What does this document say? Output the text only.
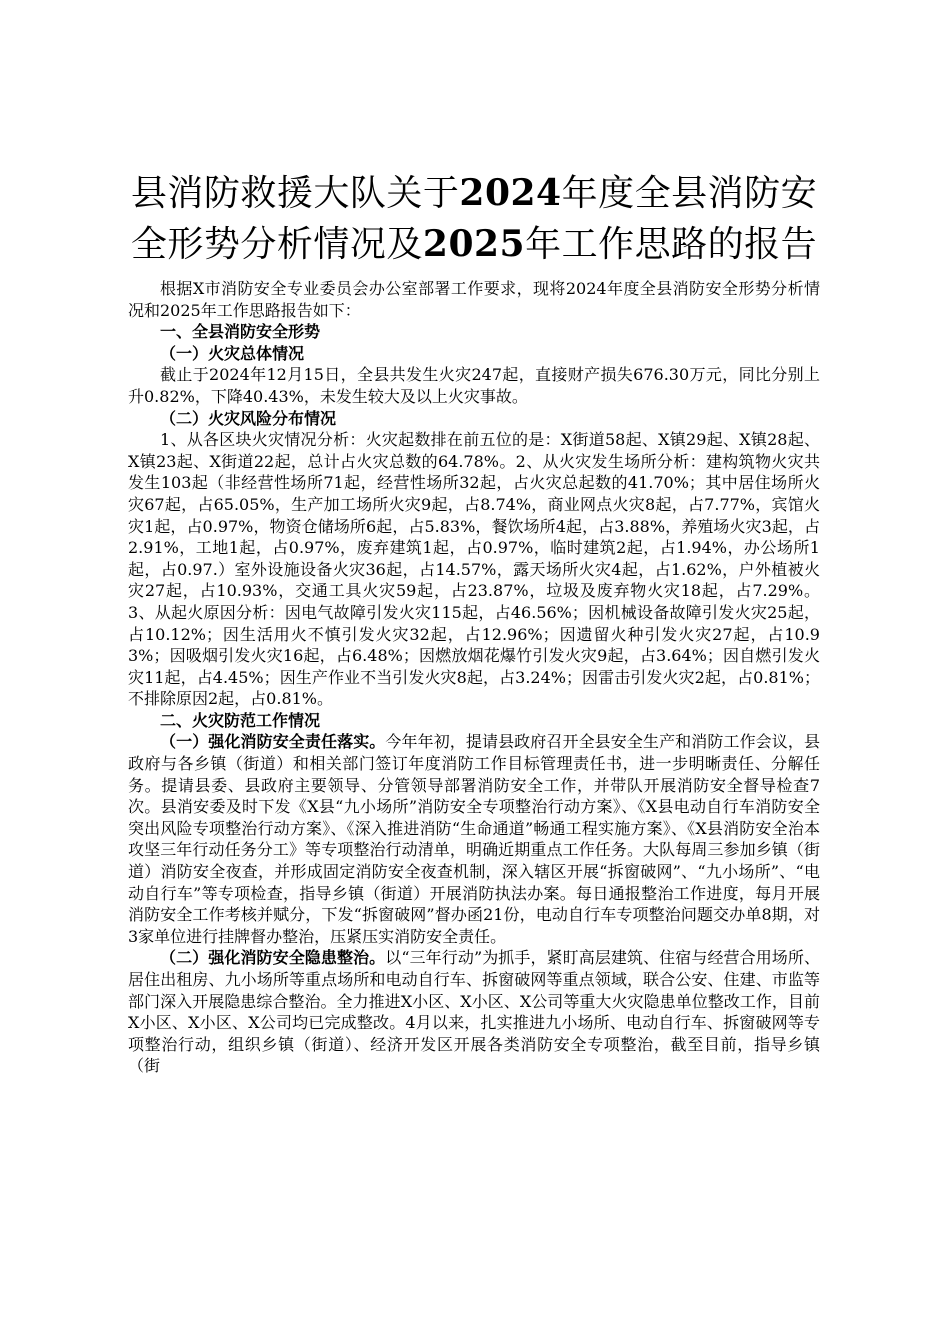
县消防救援大队关于2024年度全县消防安全形势分析情况及2025年工作思路的报告

根据X市消防安全专业委员会办公室部署工作要求，现将2024年度全县消防安全形势分析情况和2025年工作思路报告如下：

一、全县消防安全形势

（一）火灾总体情况

截止于2024年12月15日，全县共发生火灾247起，直接财产损失676.30万元，同比分别上升0.82%，下降40.43%，未发生较大及以上火灾事故。

（二）火灾风险分布情况

1、从各区块火灾情况分析：火灾起数排在前五位的是：X街道58起、X镇29起、X镇28起、X镇23起、X街道22起，总计占火灾总数的64.78%。2、从火灾发生场所分析：建构筑物火灾共发生103起（非经营性场所71起，经营性场所32起，占火灾总起数的41.70%；其中居住场所火灾67起，占65.05%，生产加工场所火灾9起，占8.74%，商业网点火灾8起，占7.77%，宾馆火灾1起，占0.97%，物资仓储场所6起，占5.83%，餐饮场所4起，占3.88%，养殖场火灾3起，占2.91%，工地1起，占0.97%，废弃建筑1起，占0.97%，临时建筑2起，占1.94%，办公场所1起，占0.97.）室外设施设备火灾36起，占14.57%，露天场所火灾4起，占1.62%，户外植被火灾27起，占10.93%，交通工具火灾59起，占23.87%，垃圾及废弃物火灾18起，占7.29%。3、从起火原因分析：因电气故障引发火灾115起，占46.56%；因机械设备故障引发火灾25起，占10.12%；因生活用火不慎引发火灾32起，占12.96%；因遗留火种引发火灾27起，占10.93%；因吸烟引发火灾16起，占6.48%；因燃放烟花爆竹引发火灾9起，占3.64%；因自燃引发火灾11起，占4.45%；因生产作业不当引发火灾8起，占3.24%；因雷击引发火灾2起，占0.81%；不排除原因2起，占0.81%。

二、火灾防范工作情况

（一）强化消防安全责任落实。今年年初，提请县政府召开全县安全生产和消防工作会议，县政府与各乡镇（街道）和相关部门签订年度消防工作目标管理责任书，进一步明晰责任、分解任务。提请县委、县政府主要领导、分管领导部署消防安全工作，并带队开展消防安全督导检查7次。县消安委及时下发《X县“九小场所”消防安全专项整治行动方案》、《X县电动自行车消防安全突出风险专项整治行动方案》、《深入推进消防“生命通道”畅通工程实施方案》、《X县消防安全治本攻坚三年行动任务分工》等专项整治行动清单，明确近期重点工作任务。大队每周三参加乡镇（街道）消防安全夜查，并形成固定消防安全夜查机制，深入辖区开展“拆窗破网”、“九小场所”、“电动自行车”等专项检查，指导乡镇（街道）开展消防执法办案。每日通报整治工作进度，每月开展消防安全工作考核并赋分，下发“拆窗破网”督办函21份，电动自行车专项整治问题交办单8期，对3家单位进行挂牌督办整治，压紧压实消防安全责任。

（二）强化消防安全隐患整治。以“三年行动”为抓手，紧盯高层建筑、住宿与经营合用场所、居住出租房、九小场所等重点场所和电动自行车、拆窗破网等重点领域，联合公安、住建、市监等部门深入开展隐患综合整治。全力推进X小区、X小区、X公司等重大火灾隐患单位整改工作，目前X小区、X小区、X公司均已完成整改。4月以来，扎实推进九小场所、电动自行车、拆窗破网等专项整治行动，组织乡镇（街道）、经济开发区开展各类消防安全专项整治，截至目前，指导乡镇（街
